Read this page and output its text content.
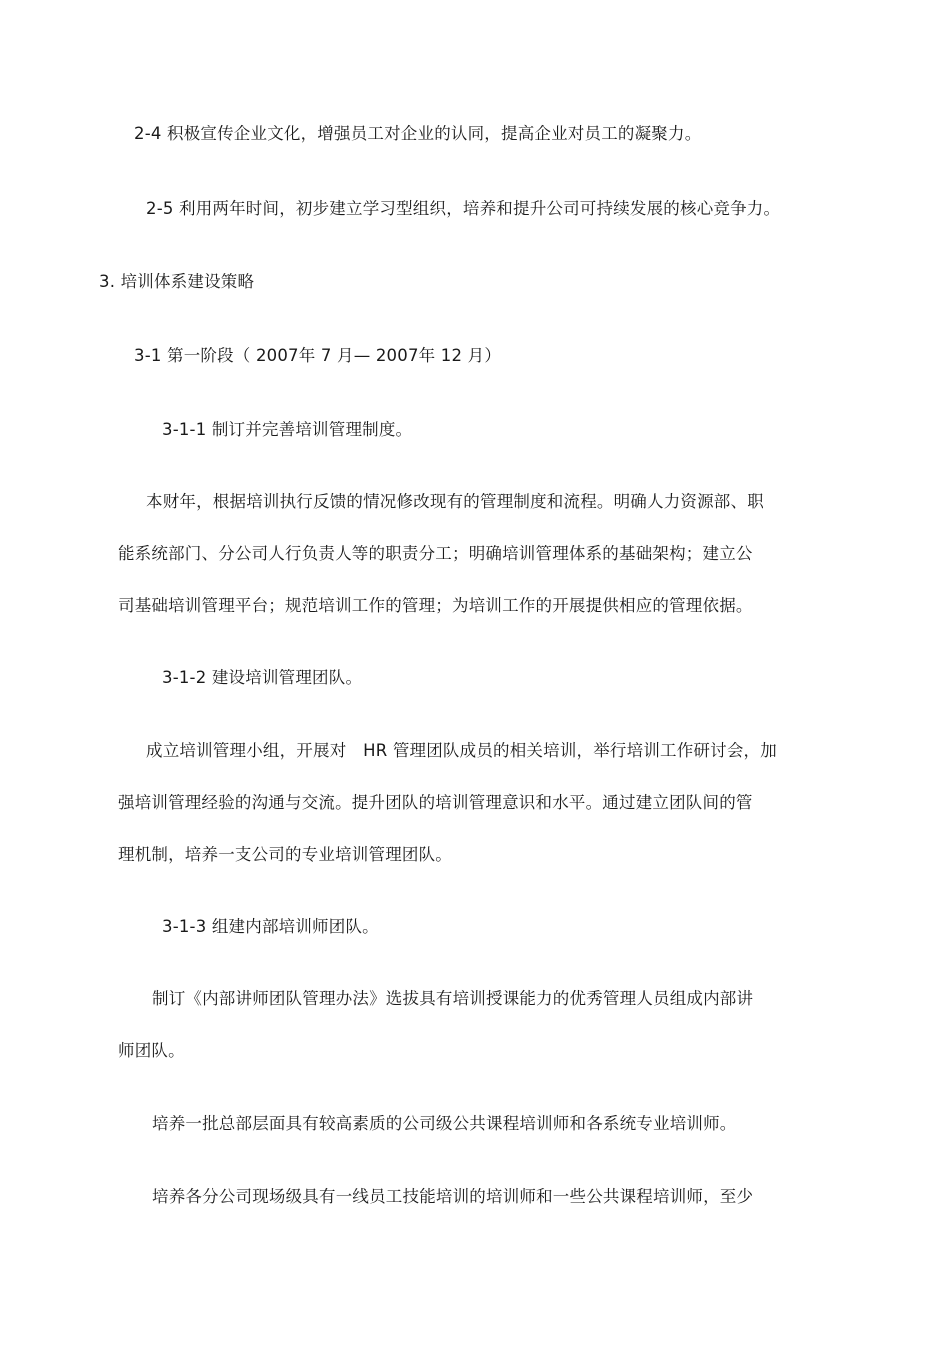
2-4 积极宣传企业文化，增强员工对企业的认同，提高企业对员工的凝聚力。
2-5 利用两年时间，初步建立学习型组织，培养和提升公司可持续发展的核心竞争力。
3. 培训体系建设策略
3-1 第一阶段（ 2007年 7 月— 2007年 12 月）
3-1-1 制订并完善培训管理制度。
本财年，根据培训执行反馈的情况修改现有的管理制度和流程。明确人力资源部、职
能系统部门、分公司人行负责人等的职责分工；明确培训管理体系的基础架构；建立公
司基础培训管理平台；规范培训工作的管理；为培训工作的开展提供相应的管理依据。
3-1-2 建设培训管理团队。
成立培训管理小组，开展对　HR 管理团队成员的相关培训，举行培训工作研讨会，加
强培训管理经验的沟通与交流。提升团队的培训管理意识和水平。通过建立团队间的管
理机制，培养一支公司的专业培训管理团队。
3-1-3 组建内部培训师团队。
制订《内部讲师团队管理办法》选拔具有培训授课能力的优秀管理人员组成内部讲
师团队。
培养一批总部层面具有较高素质的公司级公共课程培训师和各系统专业培训师。
培养各分公司现场级具有一线员工技能培训的培训师和一些公共课程培训师，至少
